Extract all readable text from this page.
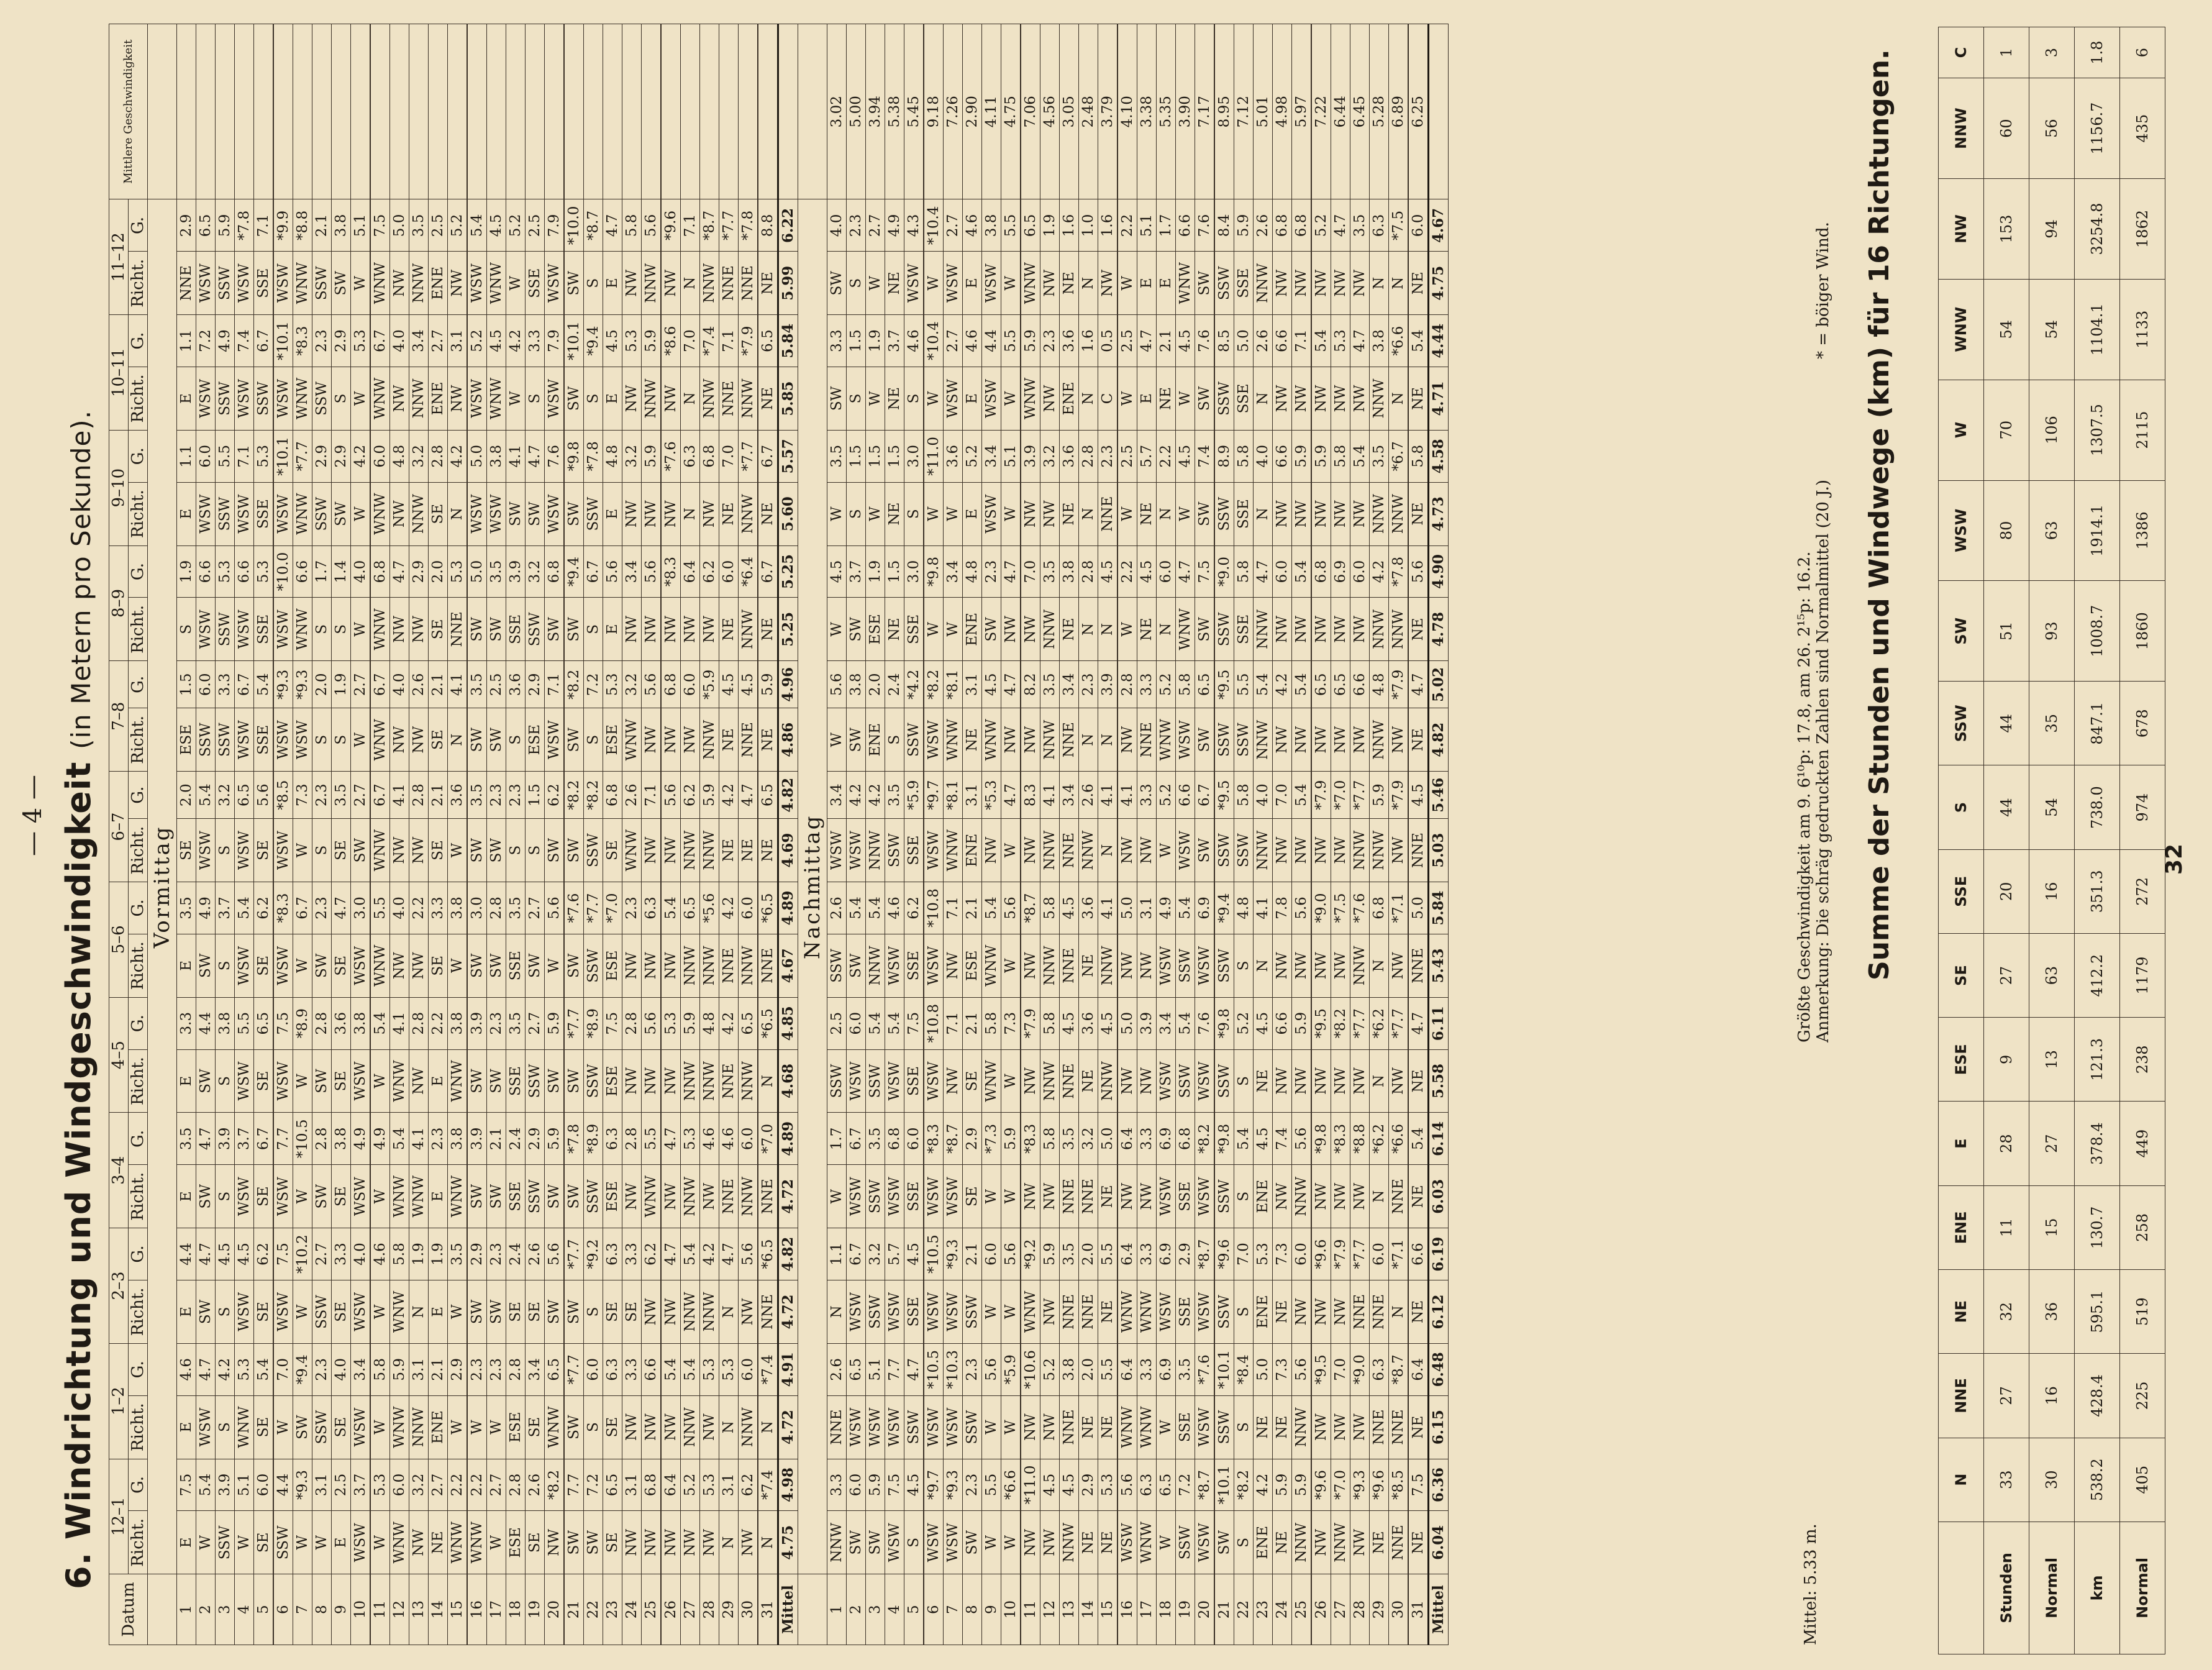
— 4 — 6. Windrichtung und Windgeschwindigkeit (in Metern pro Sekunde).
Datum	12–1		1–2		2–3		3–4		4–5		5–6		6–7		7–8		8–9		9–10		10–11		11–12		Mittlere Geschwindigkeit
	Richt.	G.	Richt.	G.	Richt.	G.	Richt.	G.	Richt.	G.	Richt.	G.	Richt.	G.	Richt.	G.	Richt.	G.	Richt.	G.	Richt.	G.	Richt.	G.	
	Vormittag																								
1	E	7.5	E	4.6	E	4.4	E	3.5	E	3.3	E	3.5	SE	2.0	ESE	1.5	S	1.9	E	1.1	E	1.1	NNE	2.9	
2	W	5.4	WSW	4.7	SW	4.7	SW	4.7	SW	4.4	SW	4.9	WSW	5.4	SSW	6.0	WSW	6.6	WSW	6.0	WSW	7.2	WSW	6.5	
3	SSW	3.9	S	4.2	S	4.5	S	3.9	S	3.8	S	3.7	S	3.2	SSW	3.3	SSW	5.3	SSW	5.5	SSW	4.9	SSW	5.9	
4	W	5.1	WNW	5.3	WSW	4.5	WSW	3.7	WSW	5.5	WSW	5.4	WSW	6.5	WSW	6.7	WSW	6.6	WSW	7.1	WSW	7.4	WSW	*7.8	
5	SE	6.0	SE	5.4	SE	6.2	SE	6.7	SE	6.5	SE	6.2	SE	5.6	SSE	5.4	SSE	5.3	SSE	5.3	SSW	6.7	SSE	7.1	
6	SSW	4.4	W	7.0	WSW	7.5	WSW	7.7	WSW	7.5	WSW	*8.3	WSW	*8.5	WSW	*9.3	WSW	*10.0	WSW	*10.1	WSW	*10.1	WSW	*9.9	
7	W	*9.3	SW	*9.4	W	*10.2	W	*10.5	W	*8.9	W	6.7	W	7.3	WSW	*9.3	WNW	6.6	WNW	*7.7	WNW	*8.3	WNW	*8.8	
8	W	3.1	SSW	2.3	SSW	2.7	SW	2.8	SW	2.8	SW	2.3	S	2.3	S	2.0	S	1.7	SSW	2.9	SSW	2.3	SSW	2.1	
9	E	2.5	SE	4.0	SE	3.3	SE	3.8	SE	3.6	SE	4.7	SE	3.5	S	1.9	S	1.4	SW	2.9	S	2.9	SW	3.8	
10	WSW	3.7	WSW	3.4	WSW	4.0	WSW	4.9	WSW	3.8	WSW	3.0	SW	2.7	W	2.7	W	4.0	W	4.2	W	5.3	W	5.1	
11	W	5.3	W	5.8	W	4.6	W	4.9	W	5.4	WNW	5.5	WNW	6.7	WNW	6.7	WNW	6.8	WNW	6.0	WNW	6.7	WNW	7.5	
12	WNW	6.0	WNW	5.9	WNW	5.8	WNW	5.4	WNW	4.1	NW	4.0	NW	4.1	NW	4.0	NW	4.7	NW	4.8	NW	4.0	NW	5.0	
13	NW	3.2	NNW	3.1	N	1.9	WNW	4.1	NW	2.8	NW	2.2	NW	2.8	NW	2.6	NW	2.9	NNW	3.2	NNW	3.4	NNW	3.5	
14	NE	2.7	ENE	2.1	E	1.9	E	2.3	E	2.2	SE	3.3	SE	2.1	SE	2.1	SE	2.0	SE	2.8	ENE	2.7	ENE	2.5	
15	WNW	2.2	W	2.9	W	3.5	WNW	3.8	WNW	3.8	W	3.8	W	3.6	N	4.1	NNE	5.3	N	4.2	NW	3.1	NW	5.2	
16	WNW	2.2	W	2.3	SW	2.9	SW	3.9	SW	3.9	SW	3.0	SW	3.5	SW	3.5	SW	5.0	WSW	5.0	WSW	5.2	WSW	5.4	
17	W	2.7	W	2.3	SW	2.3	SW	2.1	SW	2.3	SW	2.8	SW	2.3	SW	2.5	SW	3.5	WSW	3.8	WNW	4.5	WNW	4.5	
18	ESE	2.8	ESE	2.8	SE	2.4	SSE	2.4	SSE	3.5	SSE	3.5	S	2.3	S	3.6	SSE	3.9	SW	4.1	W	4.2	W	5.2	
19	SE	2.6	SE	3.4	SE	2.6	SSW	2.9	SSW	2.7	SW	2.7	S	1.5	ESE	2.9	SSW	3.2	SW	4.7	S	3.3	SSE	2.5	
20	NW	*8.2	WNW	6.5	SW	5.6	SW	5.9	SW	5.9	W	5.6	SW	6.2	WSW	7.1	SW	6.8	WSW	7.6	WSW	7.9	WSW	7.9	
21	SW	7.7	SW	*7.7	SW	*7.7	SW	*7.8	SW	*7.7	SW	*7.6	SW	*8.2	SW	*8.2	SW	*9.4	SW	*9.8	SW	*10.1	SW	*10.0	
22	SW	7.2	S	6.0	S	*9.2	SSW	*8.9	SSW	*8.9	SSW	*7.7	SSW	*8.2	S	7.2	S	6.7	SSW	*7.8	S	*9.4	S	*8.7	
23	SE	6.5	SE	6.3	SE	6.3	ESE	6.3	ESE	7.5	ESE	*7.0	SE	6.8	ESE	5.3	E	5.6	E	4.8	E	4.5	E	4.7	
24	NW	3.1	NW	3.3	SE	3.3	NW	2.8	NW	2.8	NW	2.3	WNW	2.6	WNW	3.2	NW	3.4	NW	3.2	NW	5.3	NW	5.8	
25	NW	6.8	NW	6.6	NW	6.2	WNW	5.5	NW	5.6	NW	6.3	NW	7.1	NW	5.6	NW	5.6	NW	5.9	NNW	5.9	NNW	5.6	
26	NW	6.4	NW	5.4	NW	4.7	NW	4.7	NW	5.3	NW	5.4	NW	5.6	NW	6.8	NW	*8.3	NW	*7.6	NW	*8.6	NW	*9.6	
27	NW	5.2	NNW	5.4	NNW	5.4	NNW	5.3	NNW	5.9	NNW	6.5	NNW	6.2	NW	6.0	NW	6.4	N	6.3	N	7.0	N	7.1	
28	NW	5.3	NW	5.3	NNW	4.2	NW	4.6	NNW	4.8	NNW	*5.6	NNW	5.9	NNW	*5.9	NW	6.2	NW	6.8	NNW	*7.4	NNW	*8.7	
29	N	3.1	N	5.3	N	4.7	NNE	4.6	NNE	4.2	NNE	4.2	NE	4.2	NE	4.5	NE	6.0	NE	7.0	NNE	7.1	NNE	*7.7	
30	NW	6.2	NNW	6.0	NW	5.6	NNW	6.0	NNW	6.5	NNW	6.0	NE	4.7	NNE	4.5	NNW	*6.4	NNW	*7.7	NNW	*7.9	NNE	*7.8	
31	N	*7.4	N	*7.4	NNE	*6.5	NNE	*7.0	N	*6.5	NNE	*6.5	NE	6.5	NE	5.9	NE	6.7	NE	6.7	NE	6.5	NE	8.8	
Mittel	4.75	4.98	4.72	4.91	4.72	4.82	4.72	4.89	4.68	4.85	4.67	4.89	4.69	4.82	4.86	4.96	5.25	5.25	5.60	5.57	5.85	5.84	5.99	6.22	
	Nachmittag																								
1	NNW	3.3	NNE	2.6	N	1.1	W	1.7	SSW	2.5	SSW	2.6	WSW	3.4	W	5.6	W	4.5	W	3.5	SW	3.3	SW	4.0	3.02
2	SW	6.0	WSW	6.5	WSW	6.7	WSW	6.7	WSW	6.0	SW	5.4	WSW	4.2	SW	3.8	SW	3.7	S	1.5	S	1.5	S	2.3	5.00
3	SW	5.9	WSW	5.1	SSW	3.2	SSW	3.5	SSW	5.4	NNW	5.4	NNW	4.2	ENE	2.0	ESE	1.9	W	1.5	W	1.9	W	2.7	3.94
4	WSW	7.5	WSW	7.7	WSW	5.7	WSW	6.8	WSW	5.4	WSW	4.6	SSW	3.5	S	2.4	NE	1.5	NE	1.5	NE	3.7	NE	4.9	5.38
5	S	4.5	SSW	4.7	SSE	4.5	SSE	6.0	SSE	7.5	SSE	6.2	SSE	*5.9	SSW	*4.2	SSE	3.0	S	3.0	S	4.6	WSW	4.3	5.45
6	WSW	*9.7	WSW	*10.5	WSW	*10.5	WSW	*8.3	WSW	*10.8	WSW	*10.8	WSW	*9.7	WSW	*8.2	W	*9.8	W	*11.0	W	*10.4	W	*10.4	9.18
7	WSW	*9.3	WSW	*10.3	WSW	*9.3	WSW	*8.7	NW	7.1	NW	7.1	WNW	*8.1	WNW	*8.1	W	3.4	W	3.6	WSW	2.7	WSW	2.7	7.26
8	SW	2.3	SSW	2.3	SSW	2.1	SE	2.9	SE	2.1	ESE	2.1	ENE	3.1	NE	3.1	ENE	4.8	E	5.2	E	4.6	E	4.6	2.90
9	W	5.5	W	5.6	W	6.0	W	*7.3	WNW	5.8	WNW	5.4	NW	*5.3	WNW	4.5	SW	2.3	WSW	3.4	WSW	4.4	WSW	3.8	4.11
10	W	*6.6	W	*5.9	W	5.6	W	5.9	W	7.3	W	5.6	W	4.7	NW	4.7	NW	4.7	W	5.1	W	5.5	W	5.5	4.75
11	NW	*11.0	NW	*10.6	WNW	*9.2	NW	*8.3	NW	*7.9	NW	*8.7	NW	8.3	NW	8.2	NW	7.0	NW	3.9	WNW	5.9	WNW	6.5	7.06
12	NW	4.5	NW	5.2	NW	5.9	NW	5.8	NNW	5.8	NNW	5.8	NNW	4.1	NNW	3.5	NNW	3.5	NW	3.2	NW	2.3	NW	1.9	4.56
13	NNW	4.5	NNE	3.8	NNE	3.5	NNE	3.5	NNE	4.5	NNE	4.5	NNE	3.4	NNE	3.4	NE	3.8	NE	3.6	ENE	3.6	NE	1.6	3.05
14	NE	2.9	NE	2.0	NNE	2.0	NNE	3.2	NE	3.6	NE	3.6	NNW	2.6	N	2.3	N	2.8	N	2.8	N	1.6	N	1.0	2.48
15	NE	5.3	NE	5.5	NE	5.5	NE	5.0	NNW	4.5	NNW	4.1	N	4.1	N	3.9	N	4.5	NNE	2.3	C	0.5	NW	1.6	3.79
16	WSW	5.6	WNW	6.4	WNW	6.4	NW	6.4	NW	5.0	NW	5.0	NW	4.1	NW	2.8	W	2.2	W	2.5	W	2.5	W	2.2	4.10
17	WNW	6.3	WNW	3.3	WNW	3.3	NW	3.3	NW	3.9	NW	3.1	NW	3.3	NNE	3.3	NE	4.5	NE	5.7	E	4.7	E	5.1	3.38
18	W	6.5	W	6.9	WSW	6.9	WSW	6.9	WSW	3.4	WSW	4.9	W	5.2	WNW	5.2	N	6.0	N	2.2	NE	2.1	E	1.7	5.35
19	SSW	7.2	SSE	3.5	SSE	2.9	SSE	6.8	SSW	5.4	SSW	5.4	WSW	6.6	WSW	5.8	WNW	4.7	W	4.5	W	4.5	WNW	6.6	3.90
20	WSW	*8.7	WSW	*7.6	WSW	*8.7	WSW	*8.2	WSW	7.6	WSW	6.9	SW	6.7	SW	6.5	SW	7.5	SW	7.4	SW	7.6	SW	7.6	7.17
21	SW	*10.1	SSW	*10.1	SSW	*9.6	SSW	*9.8	SSW	*9.8	SSW	*9.4	SSW	*9.5	SSW	*9.5	SSW	*9.0	SSW	8.9	SSW	8.5	SSW	8.4	8.95
22	S	*8.2	S	*8.4	S	7.0	S	5.4	S	5.2	S	4.8	SSW	5.8	SSW	5.5	SSE	5.8	SSE	5.8	SSE	5.0	SSE	5.9	7.12
23	ENE	4.2	NE	5.0	ENE	5.3	ENE	4.5	NE	4.5	N	4.1	NNW	4.0	NNW	5.4	NNW	4.7	N	4.0	N	2.6	NNW	2.6	5.01
24	NE	5.9	NE	7.3	NE	7.3	NW	7.4	NW	6.6	NW	7.8	NW	7.0	NW	4.2	NW	6.0	NW	6.6	NW	6.6	NW	6.8	4.98
25	NNW	5.9	NNW	5.6	NW	6.0	NNW	5.6	NW	5.9	NW	5.6	NW	5.4	NW	5.4	NW	5.4	NW	5.9	NW	7.1	NW	6.8	5.97
26	NW	*9.6	NW	*9.5	NW	*9.6	NW	*9.8	NW	*9.5	NW	*9.0	NW	*7.9	NW	6.5	NW	6.8	NW	5.9	NW	5.4	NW	5.2	7.22
27	NNW	*7.0	NW	7.0	NW	*7.9	NW	*8.3	NW	*8.2	NW	*7.5	NW	*7.0	NW	6.5	NW	6.9	NW	5.8	NW	5.3	NW	4.7	6.44
28	NW	*9.3	NW	*9.0	NNE	*7.7	NW	*8.8	NW	*7.7	NNW	*7.6	NNW	*7.7	NW	6.6	NW	6.0	NW	5.4	NW	4.7	NW	3.5	6.45
29	NE	*9.6	NNE	6.3	NNE	6.0	N	*6.2	N	*6.2	N	6.8	NNW	5.9	NNW	4.8	NNW	4.2	NNW	3.5	NNW	3.8	N	6.3	5.28
30	NNE	*8.5	NNE	*8.7	N	*7.1	NNE	*6.6	NW	*7.7	NW	*7.1	NW	*7.9	NW	*7.9	NNW	*7.8	NNW	*6.7	N	*6.6	N	*7.5	6.89
31	NE	7.5	NE	6.4	NE	6.6	NE	5.4	NE	4.7	NNE	5.0	NNE	4.5	NE	4.7	NE	5.6	NE	5.8	NE	5.4	NE	6.0	6.25
Mittel	6.04	6.36	6.15	6.48	6.12	6.19	6.03	6.14	5.58	6.11	5.43	5.84	5.03	5.46	4.82	5.02	4.78	4.90	4.73	4.58	4.71	4.44	4.75	4.67	
Mittel: 5.33 m.
Größte Geschwindigkeit am 9. 6¹⁰p: 17.8, am 26. 2¹⁵p: 16.2. Anmerkung: Die schräg gedruckten Zahlen sind Normalmittel (20 J.)
* = böiger Wind. Summe der Stunden und Windwege (km) für 16 Richtungen.
	N	NNE	NE	ENE	E	ESE	SE	SSE	S	SSW	SW	WSW	W	WNW	NW	NNW	C
Stunden	33	27	32	11	28	9	27	20	44	44	51	80	70	54	153	60	1
Normal	30	16	36	15	27	13	63	16	54	35	93	63	106	54	94	56	3
km	538.2	428.4	595.1	130.7	378.4	121.3	412.2	351.3	738.0	847.1	1008.7	1914.1	1307.5	1104.1	3254.8	1156.7	1.8
Normal	405	225	519	258	449	238	1179	272	974	678	1860	1386	2115	1133	1862	435	6
32
